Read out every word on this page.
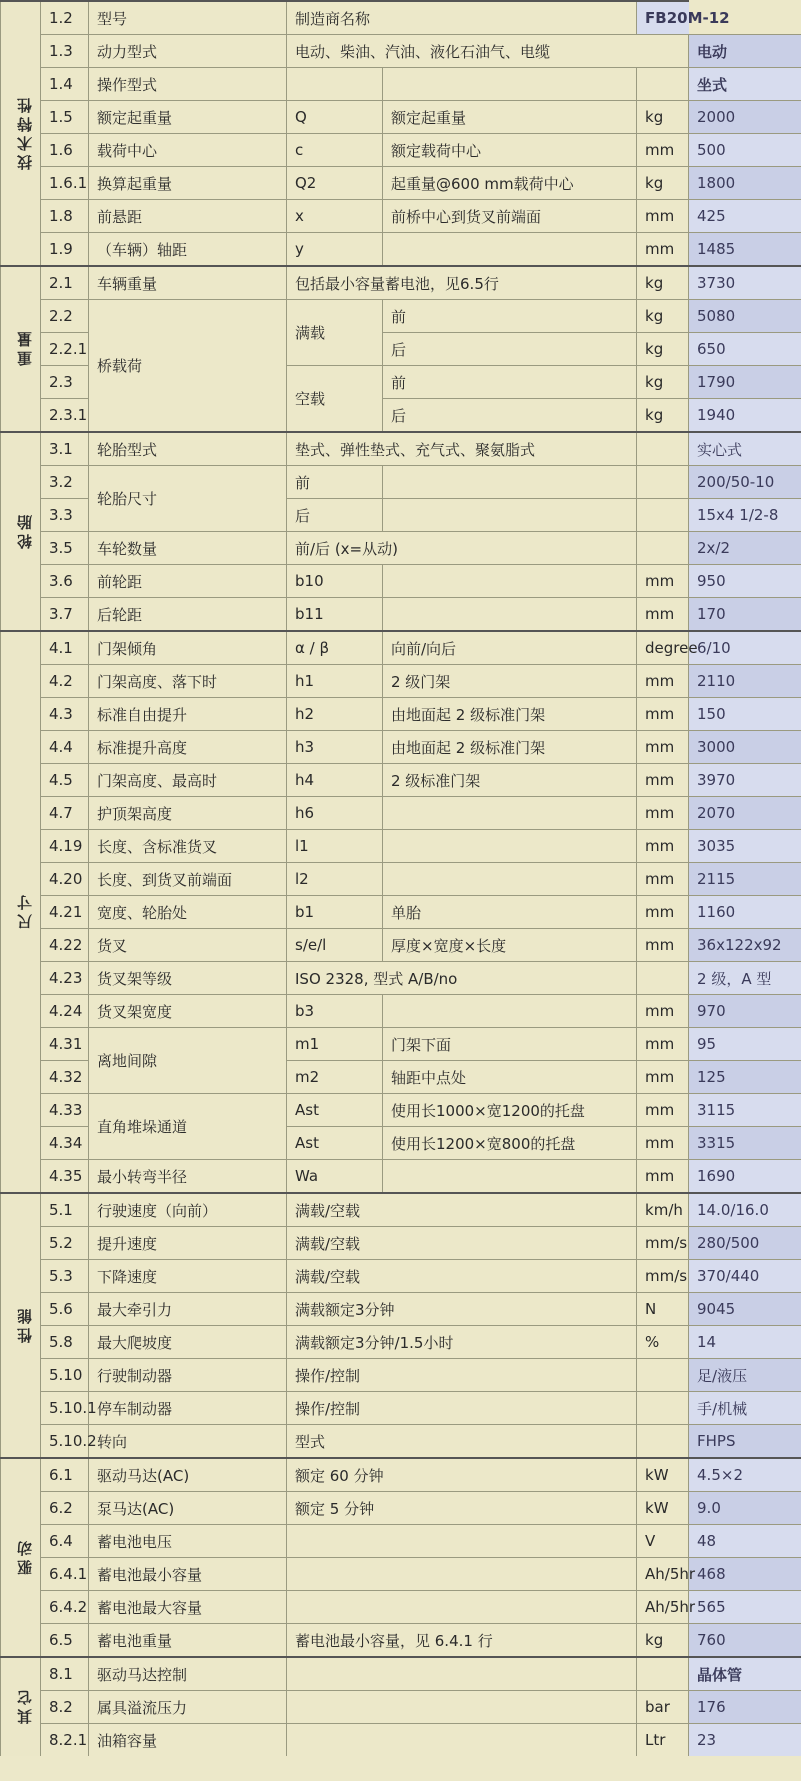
技术特性	1.2	型号	制造商名称		FB20M-12	
	1.3	动力型式	电动、柴油、汽油、液化石油气、电缆			电动
	1.4	操作型式				坐式
	1.5	额定起重量	Q	额定起重量	kg	2000
	1.6	载荷中心	c	额定载荷中心	mm	500
	1.6.1	换算起重量	Q2	起重量@600 mm载荷中心	kg	1800
	1.8	前悬距	x	前桥中心到货叉前端面	mm	425
	1.9	（车辆）轴距	y		mm	1485
重量	2.1	车辆重量	包括最小容量蓄电池，见6.5行		kg	3730
	2.2	桥载荷	满载	前	kg	5080
	2.2.1			后	kg	650
	2.3		空载	前	kg	1790
	2.3.1			后	kg	1940
轮胎	3.1	轮胎型式	垫式、弹性垫式、充气式、聚氨脂式			实心式
	3.2	轮胎尺寸	前			200/50-10
	3.3		后			15x4 1/2-8
	3.5	车轮数量	前/后 (x=从动)			2x/2
	3.6	前轮距	b10		mm	950
	3.7	后轮距	b11		mm	170
尺寸	4.1	门架倾角	α / β	向前/向后	degree	6/10
	4.2	门架高度、落下时	h1	2 级门架	mm	2110
	4.3	标准自由提升	h2	由地面起 2 级标准门架	mm	150
	4.4	标准提升高度	h3	由地面起 2 级标准门架	mm	3000
	4.5	门架高度、最高时	h4	2 级标准门架	mm	3970
	4.7	护顶架高度	h6		mm	2070
	4.19	长度、含标准货叉	l1		mm	3035
	4.20	长度、到货叉前端面	l2		mm	2115
	4.21	宽度、轮胎处	b1	单胎	mm	1160
	4.22	货叉	s/e/l	厚度×宽度×长度	mm	36x122x92
	4.23	货叉架等级	ISO 2328, 型式 A/B/no			2 级，A 型
	4.24	货叉架宽度	b3		mm	970
	4.31	离地间隙	m1	门架下面	mm	95
	4.32		m2	轴距中点处	mm	125
	4.33	直角堆垛通道	Ast	使用长1000×宽1200的托盘	mm	3115
	4.34		Ast	使用长1200×宽800的托盘	mm	3315
	4.35	最小转弯半径	Wa		mm	1690
性能	5.1	行驶速度（向前）	满载/空载		km/h	14.0/16.0
	5.2	提升速度	满载/空载		mm/s	280/500
	5.3	下降速度	满载/空载		mm/s	370/440
	5.6	最大牵引力	满载额定3分钟		N	9045
	5.8	最大爬坡度	满载额定3分钟/1.5小时		%	14
	5.10	行驶制动器	操作/控制			足/液压
	5.10.1	停车制动器	操作/控制			手/机械
	5.10.2	转向	型式			FHPS
驱动	6.1	驱动马达(AC)	额定 60 分钟		kW	4.5×2
	6.2	泵马达(AC)	额定 5 分钟		kW	9.0
	6.4	蓄电池电压			V	48
	6.4.1	蓄电池最小容量			Ah/5hr	468
	6.4.2	蓄电池最大容量			Ah/5hr	565
	6.5	蓄电池重量	蓄电池最小容量，见 6.4.1 行		kg	760
其它	8.1	驱动马达控制				晶体管
	8.2	属具溢流压力			bar	176
	8.2.1	油箱容量			Ltr	23
